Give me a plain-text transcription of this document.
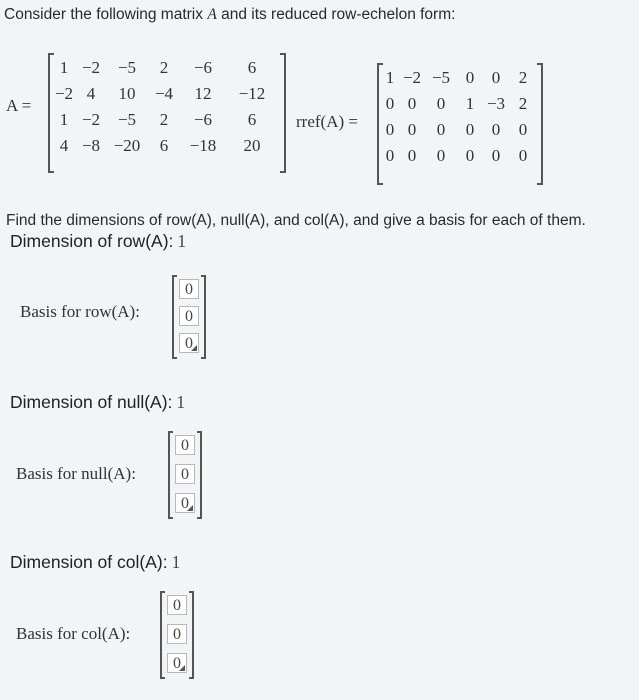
Consider the following matrix A and its reduced row-echelon form:
A =
1 −2	−5	2	−6	6
−2 4	10	−4	12	−12
1 −2	−5	2	−6	6
4 −8 −20	6	−18	20
rref(A) =
1 −2 −5 0	0	2
0 0	0	1 −3 2
0 0	0	0	0	0
0 0	0	0	0	0
Find the dimensions of row(A), null(A), and col(A), and give a basis for each of them.
Dimension of row(A): 1
Basis for row(A):
0
0
0
Dimension of null(A): 1
Basis for null(A):
0
0
0
Dimension of col(A): 1
Basis for col(A):
0
0
0
